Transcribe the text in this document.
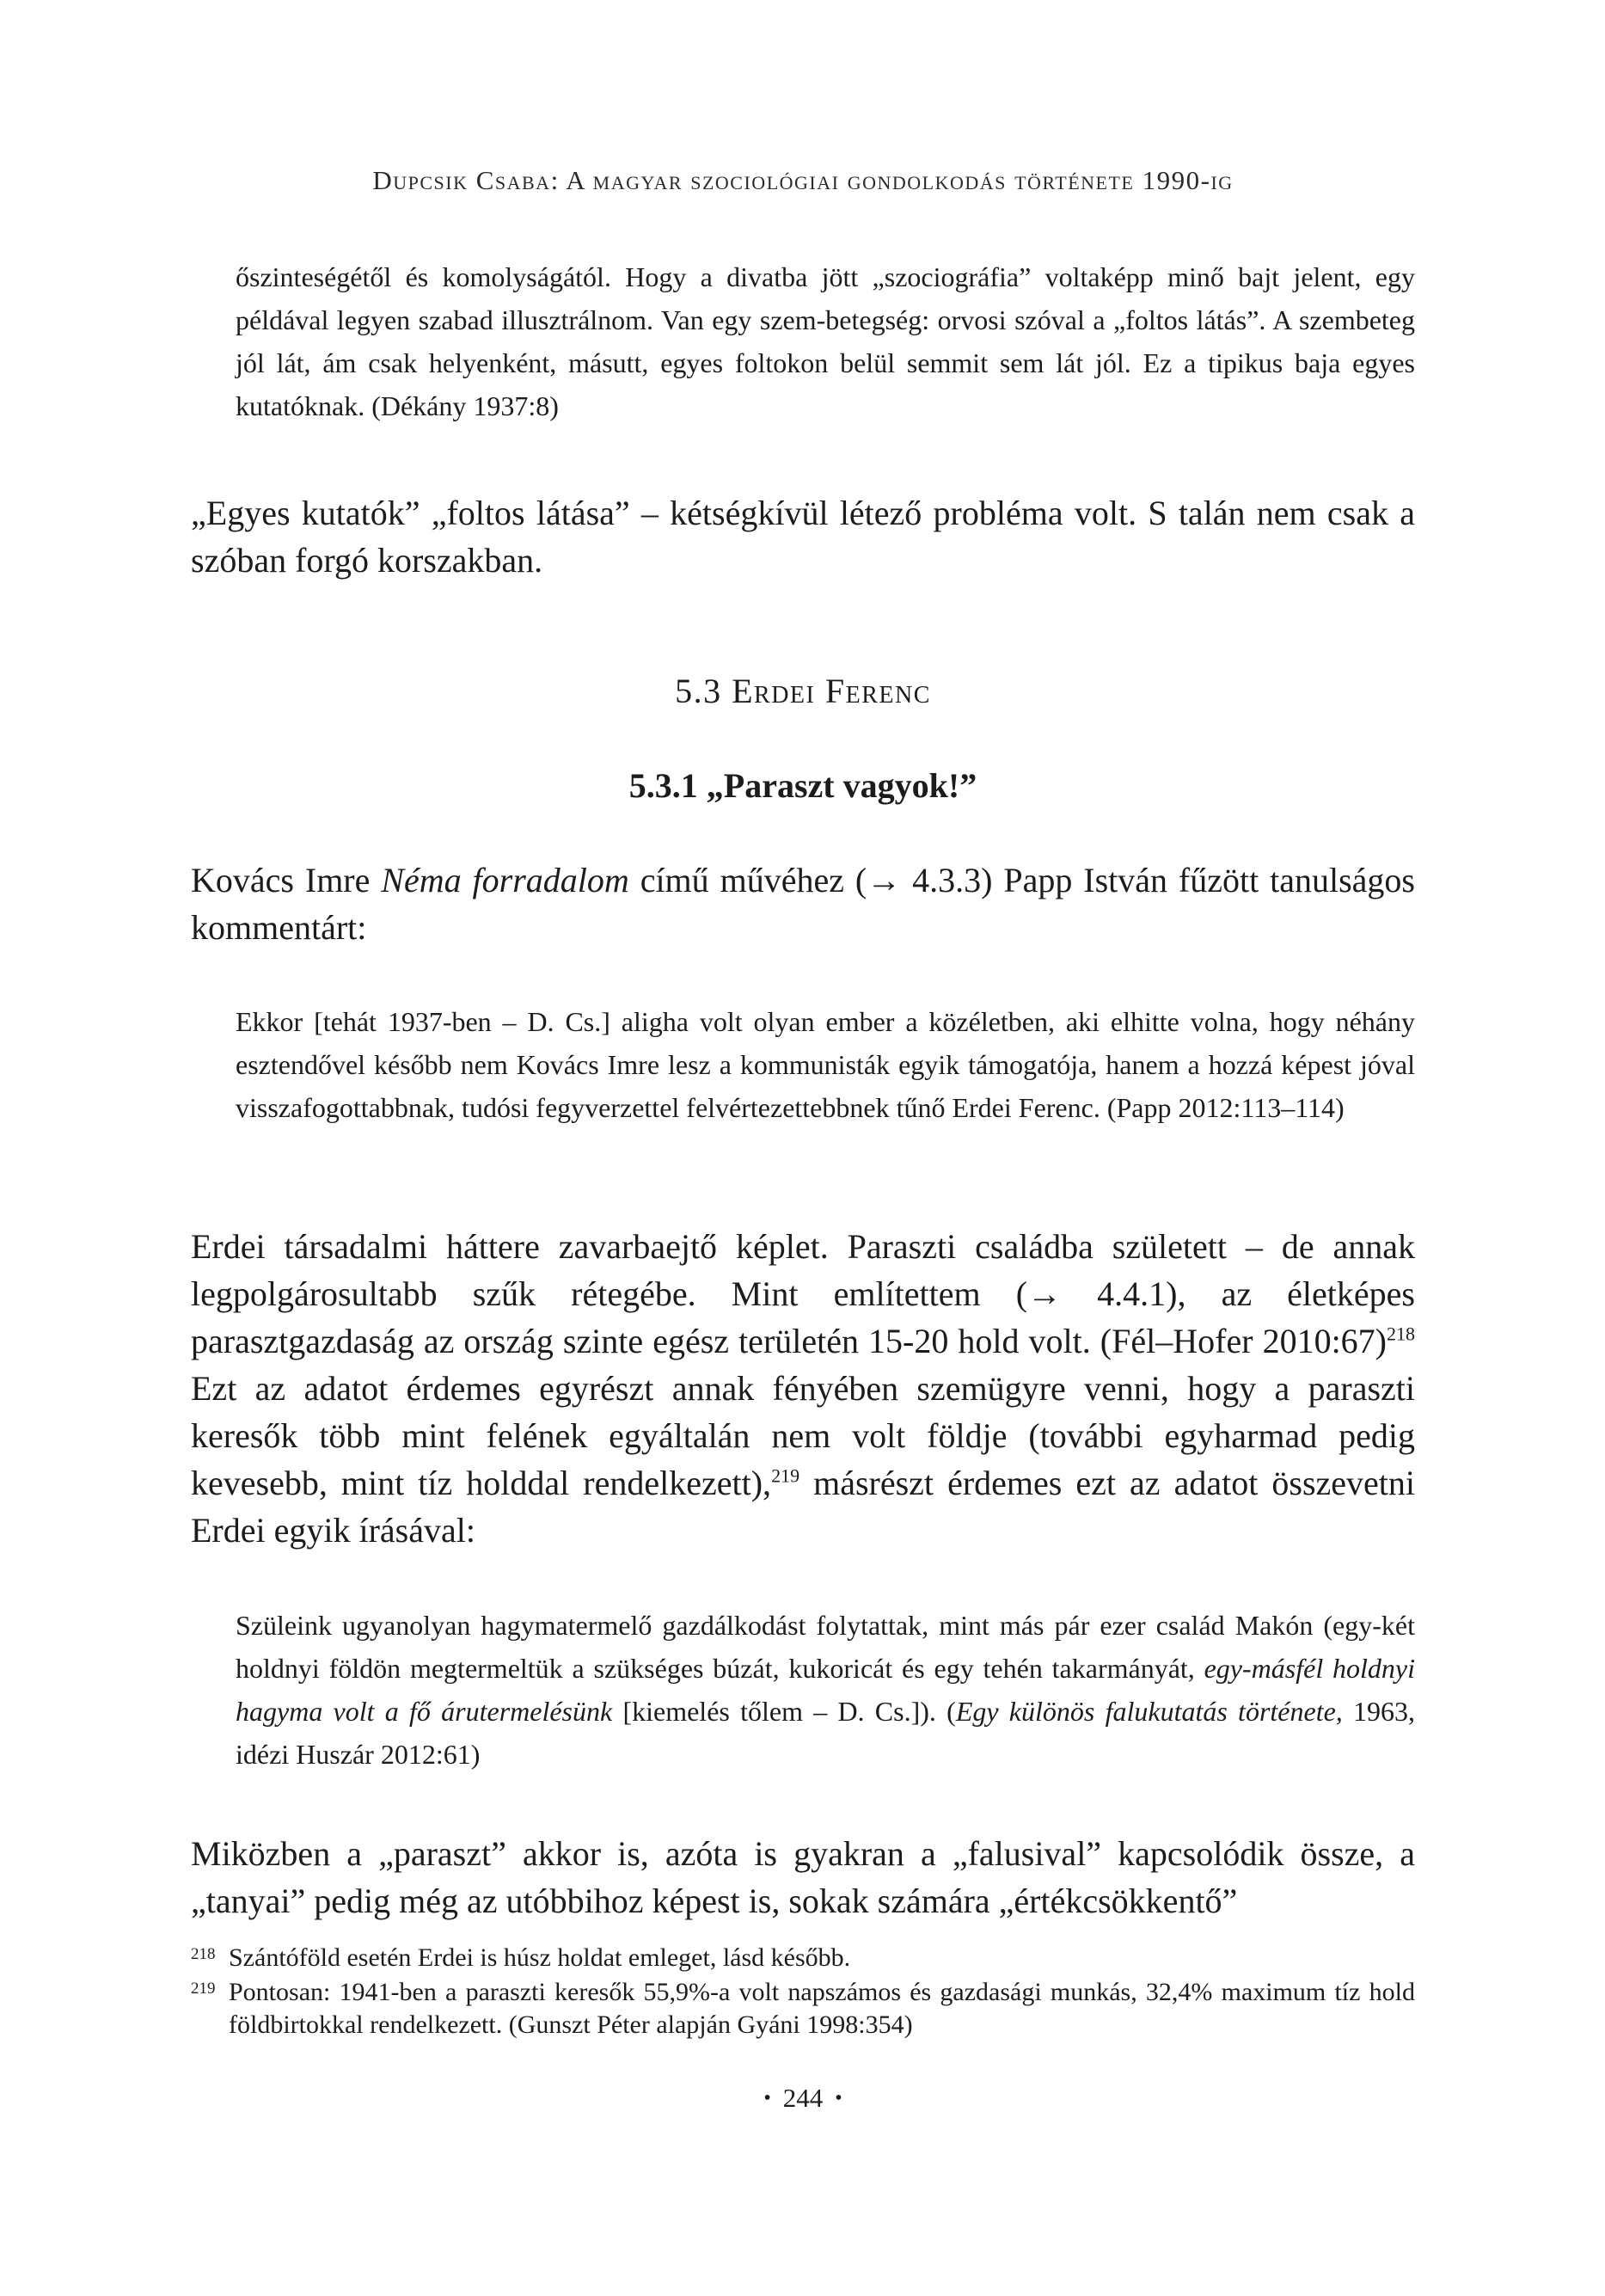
Dupcsik Csaba: A magyar szociológiai gondolkodás története 1990-ig
őszinteségétől és komolyságától. Hogy a divatba jött „szociográfia” voltaképp minő bajt jelent, egy példával legyen szabad illusztrálnom. Van egy szem-betegség: orvosi szóval a „foltos látás”. A szembeteg jól lát, ám csak helyenként, másutt, egyes foltokon belül semmit sem lát jól. Ez a tipikus baja egyes kutatóknak. (Dékány 1937:8)
„Egyes kutatók” „foltos látása” – kétségkívül létező probléma volt. S talán nem csak a szóban forgó korszakban.
5.3 Erdei Ferenc
5.3.1 „Paraszt vagyok!”
Kovács Imre Néma forradalom című művéhez (→ 4.3.3) Papp István fűzött tanulságos kommentárt:
Ekkor [tehát 1937-ben – D. Cs.] aligha volt olyan ember a közéletben, aki elhitte volna, hogy néhány esztendővel később nem Kovács Imre lesz a kommunisták egyik támogatója, hanem a hozzá képest jóval visszafogottabbnak, tudósi fegyverzettel felvértezettebbnek tűnő Erdei Ferenc. (Papp 2012:113–114)
Erdei társadalmi háttere zavarbaejtő képlet. Paraszti családba született – de annak legpolgárosultabb szűk rétegébe. Mint említettem (→ 4.4.1), az életképes parasztgazdaság az ország szinte egész területén 15-20 hold volt. (Fél–Hofer 2010:67)$^{218}$ Ezt az adatot érdemes egyrészt annak fényében szemügyre venni, hogy a paraszti keresők több mint felének egyáltalán nem volt földje (további egyharmad pedig kevesebb, mint tíz holddal rendelkezett),$^{219}$ másrészt érdemes ezt az adatot összevetni Erdei egyik írásával:
Szüleink ugyanolyan hagymatermelő gazdálkodást folytattak, mint más pár ezer család Makón (egy-két holdnyi földön megtermeltük a szükséges búzát, kukoricát és egy tehén takarmányát, egy-másfél holdnyi hagyma volt a fő árutermelésünk [kiemelés tőlem – D. Cs.]). (Egy különös falukutatás története, 1963, idézi Huszár 2012:61)
Miközben a „paraszt” akkor is, azóta is gyakran a „falusival” kapcsolódik össze, a „tanyai” pedig még az utóbbihoz képest is, sokak számára „értékcsökkentő”
218 Szántóföld esetén Erdei is húsz holdat emleget, lásd később.
219 Pontosan: 1941-ben a paraszti keresők 55,9%-a volt napszámos és gazdasági munkás, 32,4% maximum tíz hold földbirtokkal rendelkezett. (Gunszt Péter alapján Gyáni 1998:354)
• 244 •
